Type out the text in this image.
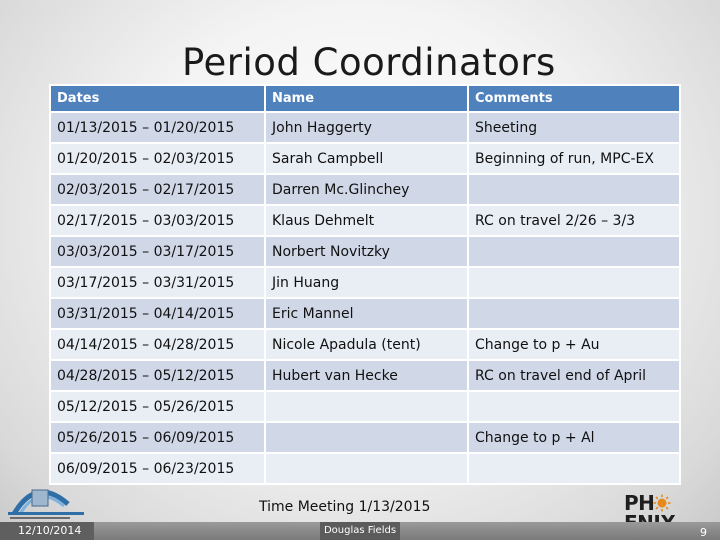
Period Coordinators
Dates	Name	Comments
01/13/2015 – 01/20/2015	John Haggerty	Sheeting
01/20/2015 – 02/03/2015	Sarah Campbell	Beginning of run, MPC-EX
02/03/2015 – 02/17/2015	Darren Mc.Glinchey	
02/17/2015 – 03/03/2015	Klaus Dehmelt	RC on travel 2/26 – 3/3
03/03/2015 – 03/17/2015	Norbert Novitzky	
03/17/2015 – 03/31/2015	Jin Huang	
03/31/2015 – 04/14/2015	Eric Mannel	
04/14/2015 – 04/28/2015	Nicole Apadula (tent)	Change to p + Au
04/28/2015 – 05/12/2015	Hubert van Hecke	RC on travel end of April
05/12/2015 – 05/26/2015		
05/26/2015 – 06/09/2015		Change to p + Al
06/09/2015 – 06/23/2015		
Time Meeting 1/13/2015	PH
12/10/2014	Douglas Fields	9
